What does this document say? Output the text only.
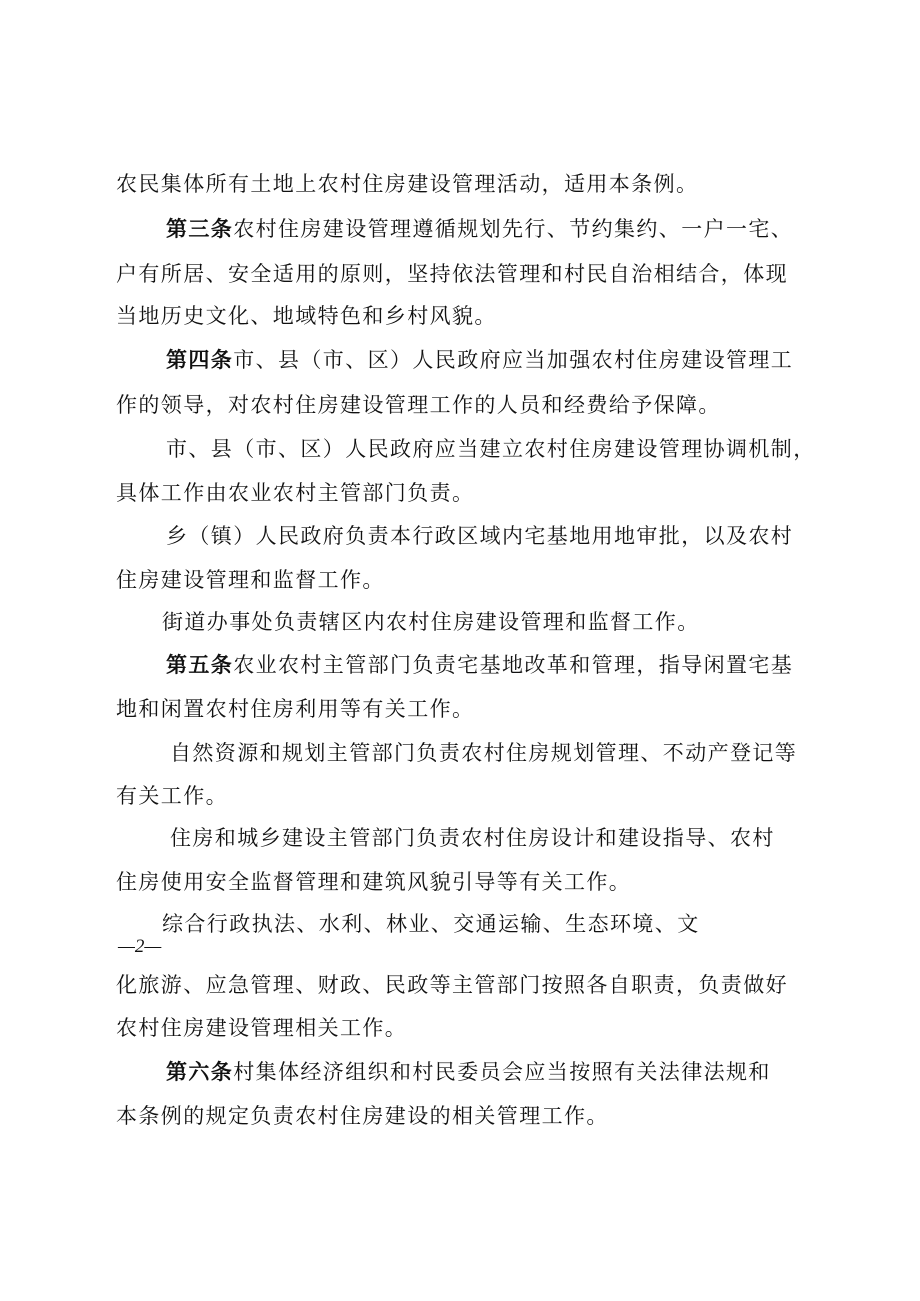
农民集体所有土地上农村住房建设管理活动，适用本条例。

第三条农村住房建设管理遵循规划先行、节约集约、一户一宅、

户有所居、安全适用的原则，坚持依法管理和村民自治相结合，体现

当地历史文化、地域特色和乡村风貌。

第四条市、县（市、区）人民政府应当加强农村住房建设管理工

作的领导，对农村住房建设管理工作的人员和经费给予保障。

市、县（市、区）人民政府应当建立农村住房建设管理协调机制，

具体工作由农业农村主管部门负责。

乡（镇）人民政府负责本行政区域内宅基地用地审批，以及农村

住房建设管理和监督工作。

街道办事处负责辖区内农村住房建设管理和监督工作。

第五条农业农村主管部门负责宅基地改革和管理，指导闲置宅基

地和闲置农村住房利用等有关工作。

自然资源和规划主管部门负责农村住房规划管理、不动产登记等

有关工作。

住房和城乡建设主管部门负责农村住房设计和建设指导、农村

住房使用安全监督管理和建筑风貌引导等有关工作。

综合行政执法、水利、林业、交通运输、生态环境、文

—2—

化旅游、应急管理、财政、民政等主管部门按照各自职责，负责做好

农村住房建设管理相关工作。

第六条村集体经济组织和村民委员会应当按照有关法律法规和

本条例的规定负责农村住房建设的相关管理工作。
